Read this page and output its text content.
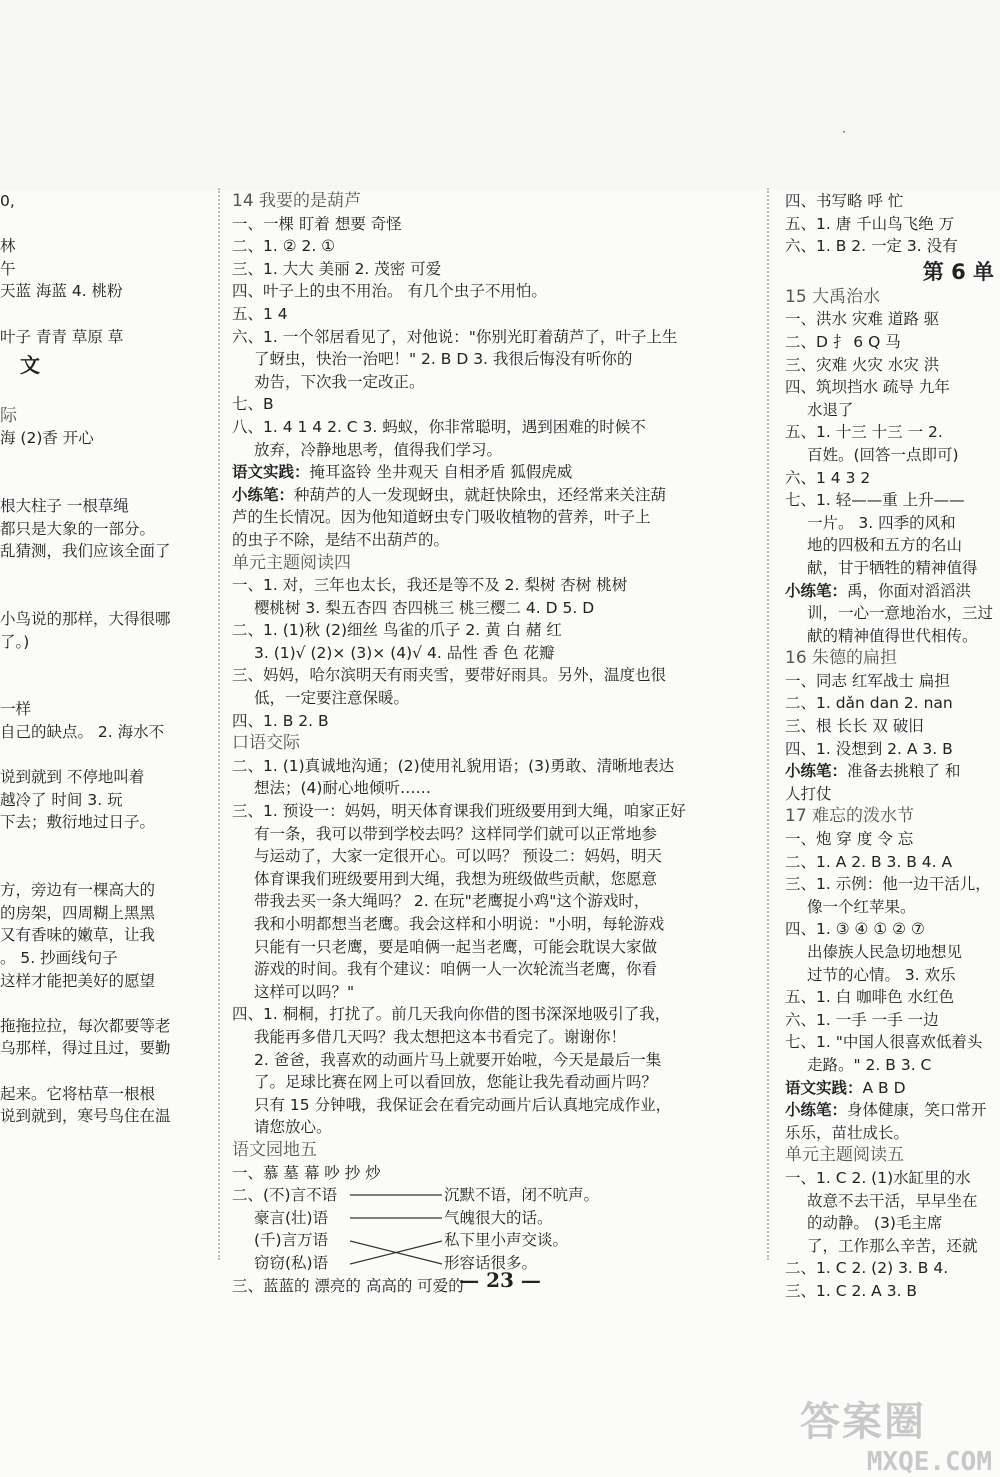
·
0,
林
午
天蓝 海蓝 4. 桃粉
叶子 青青 草原 草
文
际
海 (2)香 开心
根大柱子 一根草绳
都只是大象的一部分。
乱猜测，我们应该全面了
小鸟说的那样，大得很哪
了。)
一样
自己的缺点。 2. 海水不
说到就到 不停地叫着
越冷了 时间 3. 玩
下去；敷衍地过日子。
方，旁边有一棵高大的
的房架，四周糊上黑黑
又有香味的嫩草，让我
。 5. 抄画线句子
这样才能把美好的愿望
拖拖拉拉，每次都要等老
乌那样，得过且过，要勤
起来。它将枯草一根根
说到就到，寒号鸟住在温
14 我要的是葫芦
一、一棵 盯着 想要 奇怪
二、1. ② 2. ①
三、1. 大大 美丽 2. 茂密 可爱
四、叶子上的虫不用治。 有几个虫子不用怕。
五、1 4
六、1. 一个邻居看见了，对他说："你别光盯着葫芦了，叶子上生
了蚜虫，快治一治吧！" 2. B D 3. 我很后悔没有听你的
劝告，下次我一定改正。
七、B
八、1. 4 1 4 2. C 3. 蚂蚁，你非常聪明，遇到困难的时候不
放弃，冷静地思考，值得我们学习。
语文实践：掩耳盗铃 坐井观天 自相矛盾 狐假虎威
小练笔：种葫芦的人一发现蚜虫，就赶快除虫，还经常来关注葫
芦的生长情况。因为他知道蚜虫专门吸收植物的营养，叶子上
的虫子不除，是结不出葫芦的。
单元主题阅读四
一、1. 对，三年也太长，我还是等不及 2. 梨树 杏树 桃树
樱桃树 3. 梨五杏四 杏四桃三 桃三樱二 4. D 5. D
二、1. (1)秋 (2)细丝 鸟雀的爪子 2. 黄 白 赭 红
3. (1)√ (2)× (3)× (4)√ 4. 品性 香 色 花瓣
三、妈妈，哈尔滨明天有雨夹雪，要带好雨具。另外，温度也很
低，一定要注意保暖。
四、1. B 2. B
口语交际
二、1. (1)真诚地沟通；(2)使用礼貌用语；(3)勇敢、清晰地表达
想法；(4)耐心地倾听……
三、1. 预设一：妈妈，明天体育课我们班级要用到大绳，咱家正好
有一条，我可以带到学校去吗？这样同学们就可以正常地参
与运动了，大家一定很开心。可以吗？ 预设二：妈妈，明天
体育课我们班级要用到大绳，我想为班级做些贡献，您愿意
带我去买一条大绳吗？ 2. 在玩"老鹰捉小鸡"这个游戏时，
我和小明都想当老鹰。我会这样和小明说："小明，每轮游戏
只能有一只老鹰，要是咱俩一起当老鹰，可能会耽误大家做
游戏的时间。我有个建议：咱俩一人一次轮流当老鹰，你看
这样可以吗？"
四、1. 桐桐，打扰了。前几天我向你借的图书深深地吸引了我，
我能再多借几天吗？我太想把这本书看完了。谢谢你！
2. 爸爸，我喜欢的动画片马上就要开始啦，今天是最后一集
了。足球比赛在网上可以看回放，您能让我先看动画片吗？
只有 15 分钟哦，我保证会在看完动画片后认真地完成作业，
请您放心。
语文园地五
一、慕 墓 幕 吵 抄 炒
二、(不)言不语	沉默不语，闭不吭声。
豪言(壮)语	气魄很大的话。
(千)言万语	私下里小声交谈。
窃窃(私)语	形容话很多。
三、蓝蓝的 漂亮的 高高的 可爱的
四、书写略 呼 忙
五、1. 唐 千山鸟飞绝 万
六、1. B 2. 一定 3. 没有
第 6 单
15 大禹治水
一、洪水 灾难 道路 驱
二、D 扌 6 Q 马
三、灾难 火灾 水灾 洪
四、筑坝挡水 疏导 九年
水退了
五、1. 十三 十三 一 2.
百姓。(回答一点即可)
六、1 4 3 2
七、1. 轻——重 上升——
一片。 3. 四季的风和
地的四极和五方的名山
献，甘于牺牲的精神值得
小练笔：禹，你面对滔滔洪
训，一心一意地治水，三过
献的精神值得世代相传。
16 朱德的扁担
一、同志 红军战士 扁担
二、1. dǎn dan 2. nan
三、根 长长 双 破旧
四、1. 没想到 2. A 3. B
小练笔：准备去挑粮了 和
人打仗
17 难忘的泼水节
一、炮 穿 度 令 忘
二、1. A 2. B 3. B 4. A
三、1. 示例：他一边干活儿，
像一个红苹果。
四、1. ③ ④ ① ② ⑦
出傣族人民急切地想见
过节的心情。 3. 欢乐
五、1. 白 咖啡色 水红色
六、1. 一手 一手 一边
七、1. "中国人很喜欢低着头
走路。" 2. B 3. C
语文实践：A B D
小练笔：身体健康，笑口常开
乐乐，苗壮成长。
单元主题阅读五
一、1. C 2. (1)水缸里的水
故意不去干活，早早坐在
的动静。 (3)毛主席
了，工作那么辛苦，还就
二、1. C 2. (2) 3. B 4.
三、1. C 2. A 3. B
— 23 —
答案圈
MXQE.COM
